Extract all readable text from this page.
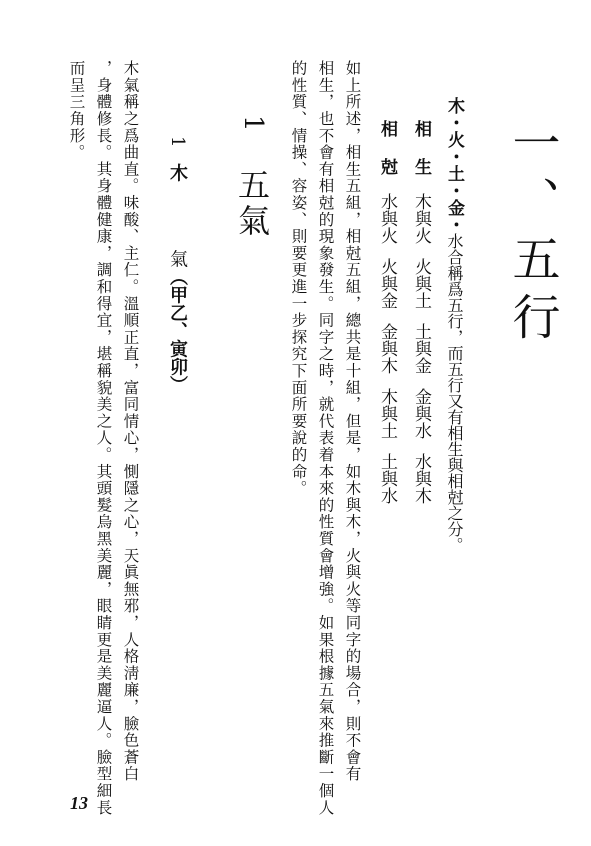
一、五行
木・火・土・金・水合稱爲五行，而五行又有相生與相尅之分。
相　生木與火火與土土與金金與水水與木
相　尅水與火火與金金與木木與土土與水
如上所述，相生五組，相尅五組，總共是十組，但是，如木與木，火與火等同字的場合，則不會有
相生，也不會有相尅的現象發生。同字之時，就代表着本來的性質會增強。如果根據五氣來推斷一個人
的性質、情操、容姿、則要更進一步探究下面所要說的命。
1
五氣
1木氣（甲乙、寅卯）
木氣稱之爲曲直。味酸、主仁。溫順正直，富同情心，惻隱之心，天眞無邪，人格淸廉，臉色蒼白
，身體修長。其身體健康，調和得宜，堪稱貌美之人。其頭髮烏黑美麗，眼睛更是美麗逼人。臉型細長
而呈三角形。
13
